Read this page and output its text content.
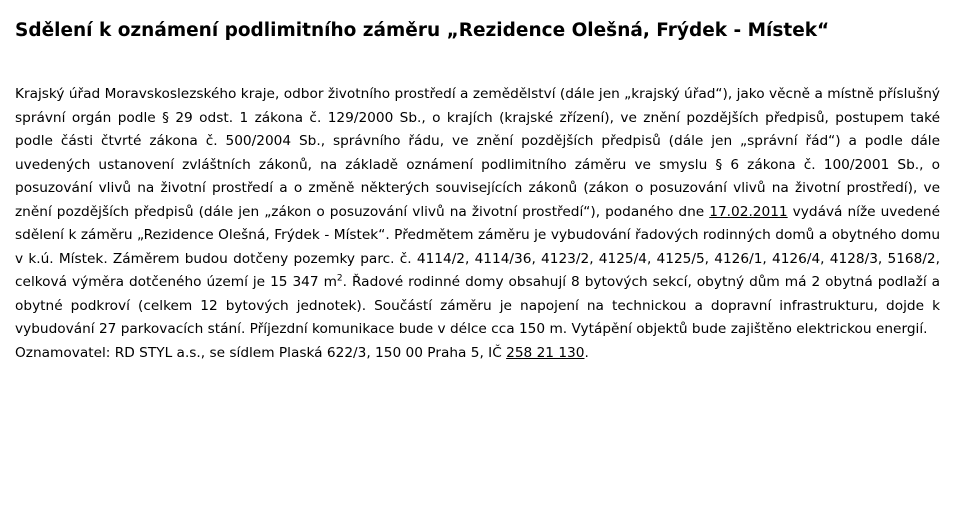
Sdělení k oznámení podlimitního záměru „Rezidence Olešná, Frýdek - Místek“

Krajský úřad Moravskoslezského kraje, odbor životního prostředí a zemědělství (dále jen „krajský úřad“), jako věcně a místně příslušný správní orgán podle § 29 odst. 1 zákona č. 129/2000 Sb., o krajích (krajské zřízení), ve znění pozdějších předpisů, postupem také podle části čtvrté zákona č. 500/2004 Sb., správního řádu, ve znění pozdějších předpisů (dále jen „správní řád“) a podle dále uvedených ustanovení zvláštních zákonů, na základě oznámení podlimitního záměru ve smyslu § 6 zákona č. 100/2001 Sb., o posuzování vlivů na životní prostředí a o změně některých souvisejících zákonů (zákon o posuzování vlivů na životní prostředí), ve znění pozdějších předpisů (dále jen „zákon o posuzování vlivů na životní prostředí“), podaného dne 17.02.2011 vydává níže uvedené sdělení k záměru „Rezidence Olešná, Frýdek - Místek“. Předmětem záměru je vybudování řadových rodinných domů a obytného domu v k.ú. Místek. Záměrem budou dotčeny pozemky parc. č. 4114/2, 4114/36, 4123/2, 4125/4, 4125/5, 4126/1, 4126/4, 4128/3, 5168/2, celková výměra dotčeného území je 15 347 $m^2$. Řadové rodinné domy obsahují 8 bytových sekcí, obytný dům má 2 obytná podlaží a obytné podkroví (celkem 12 bytových jednotek). Součástí záměru je napojení na technickou a dopravní infrastrukturu, dojde k vybudování 27 parkovacích stání. Příjezdní komunikace bude v délce cca 150 m. Vytápění objektů bude zajištěno elektrickou energií.

Oznamovatel: RD STYL a.s., se sídlem Plaská 622/3, 150 00 Praha 5, IČ 258 21 130.
